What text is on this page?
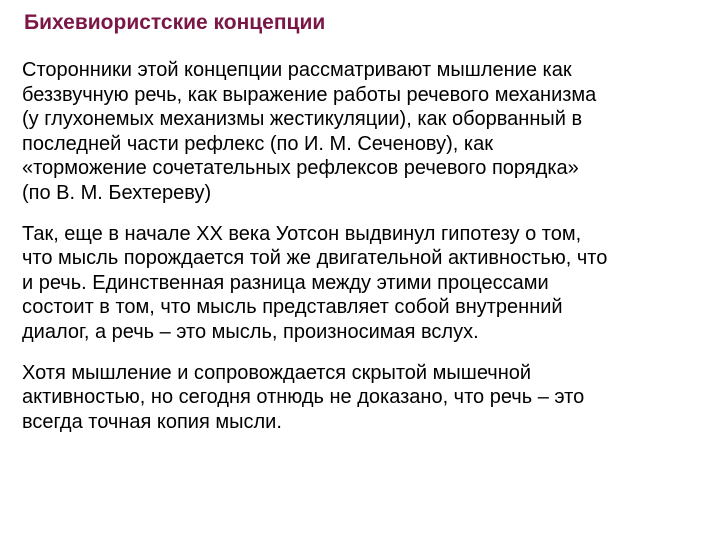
Бихевиористские концепции

Сторонники этой концепции рассматривают мышление как
беззвучную речь, как выражение работы речевого механизма
(у глухонемых механизмы жестикуляции), как оборванный в
последней части рефлекс (по И. М. Сеченову), как
«торможение сочетательных рефлексов речевого порядка»
(по В. М. Бехтереву)

Так, еще в начале XX века Уотсон выдвинул гипотезу о том,
что мысль порождается той же двигательной активностью, что
и речь. Единственная разница между этими процессами
состоит в том, что мысль представляет собой внутренний
диалог, а речь – это мысль, произносимая вслух.

Хотя мышление и сопровождается скрытой мышечной
активностью, но сегодня отнюдь не доказано, что речь – это
всегда точная копия мысли.
